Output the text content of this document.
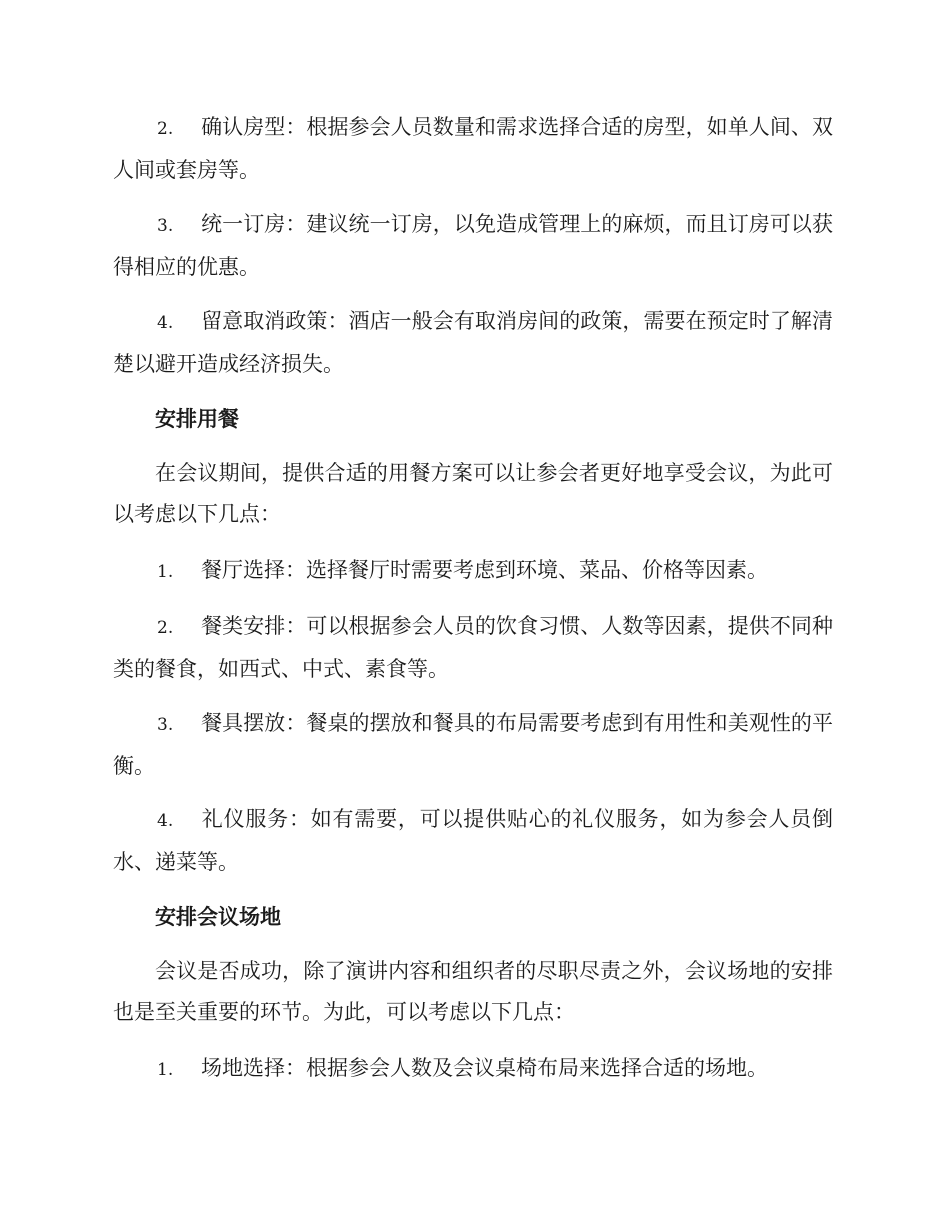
2. 确认房型：根据参会人员数量和需求选择合适的房型，如单人间、双人间或套房等。

3. 统一订房：建议统一订房，以免造成管理上的麻烦，而且订房可以获得相应的优惠。

4. 留意取消政策：酒店一般会有取消房间的政策，需要在预定时了解清楚以避开造成经济损失。

安排用餐

在会议期间，提供合适的用餐方案可以让参会者更好地享受会议，为此可以考虑以下几点：

1. 餐厅选择：选择餐厅时需要考虑到环境、菜品、价格等因素。

2. 餐类安排：可以根据参会人员的饮食习惯、人数等因素，提供不同种类的餐食，如西式、中式、素食等。

3. 餐具摆放：餐桌的摆放和餐具的布局需要考虑到有用性和美观性的平衡。

4. 礼仪服务：如有需要，可以提供贴心的礼仪服务，如为参会人员倒水、递菜等。

安排会议场地

会议是否成功，除了演讲内容和组织者的尽职尽责之外，会议场地的安排也是至关重要的环节。为此，可以考虑以下几点：

1. 场地选择：根据参会人数及会议桌椅布局来选择合适的场地。
